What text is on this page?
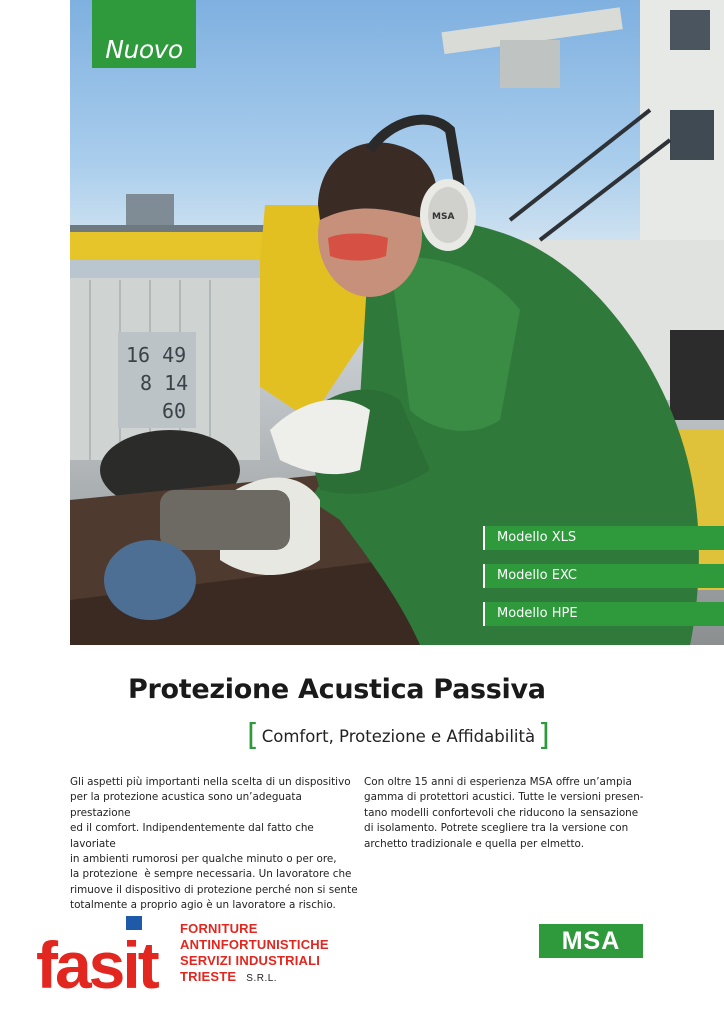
16 49
8 14
60
MSA
Nuovo
Modello XLS
Modello EXC
Modello HPE
Protezione Acustica Passiva
[ Comfort, Protezione e Affidabilità ]

Gli aspetti più importanti nella scelta di un dispositivo

per la protezione acustica sono un’adeguata prestazione

ed il comfort. Indipendentemente dal fatto che lavoriate

in ambienti rumorosi per qualche minuto o per ore,

la protezione  è sempre necessaria. Un lavoratore che

rimuove il dispositivo di protezione perché non si sente

totalmente a proprio agio è un lavoratore a rischio.

Con oltre 15 anni di esperienza MSA offre un’ampia

gamma di protettori acustici. Tutte le versioni presen-

tano modelli confortevoli che riducono la sensazione

di isolamento. Potrete scegliere tra la versione con

archetto tradizionale e quella per elmetto.

fasit FORNITURE
ANTINFORTUNISTICHE
SERVIZI INDUSTRIALI
TRIESTE S.R.L.
MSA
